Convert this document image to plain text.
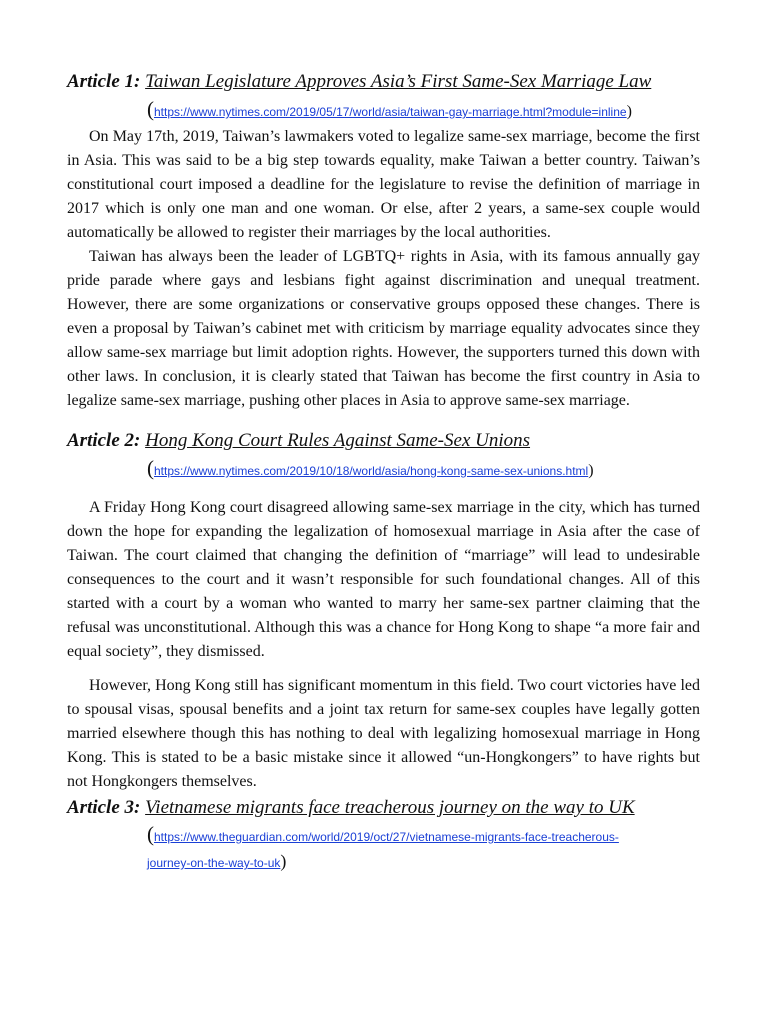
Article 1: Taiwan Legislature Approves Asia’s First Same-Sex Marriage Law

(https://www.nytimes.com/2019/05/17/world/asia/taiwan-gay-marriage.html?module=inline)

On May 17th, 2019, Taiwan’s lawmakers voted to legalize same-sex marriage, become the first in Asia. This was said to be a big step towards equality, make Taiwan a better country. Taiwan’s constitutional court imposed a deadline for the legislature to revise the definition of marriage in 2017 which is only one man and one woman. Or else, after 2 years, a same-sex couple would automatically be allowed to register their marriages by the local authorities.

Taiwan has always been the leader of LGBTQ+ rights in Asia, with its famous annually gay pride parade where gays and lesbians fight against discrimination and unequal treatment. However, there are some organizations or conservative groups opposed these changes. There is even a proposal by Taiwan’s cabinet met with criticism by marriage equality advocates since they allow same-sex marriage but limit adoption rights. However, the supporters turned this down with other laws. In conclusion, it is clearly stated that Taiwan has become the first country in Asia to legalize same-sex marriage, pushing other places in Asia to approve same-sex marriage.

Article 2: Hong Kong Court Rules Against Same-Sex Unions

(https://www.nytimes.com/2019/10/18/world/asia/hong-kong-same-sex-unions.html)

A Friday Hong Kong court disagreed allowing same-sex marriage in the city, which has turned down the hope for expanding the legalization of homosexual marriage in Asia after the case of Taiwan. The court claimed that changing the definition of “marriage” will lead to undesirable consequences to the court and it wasn’t responsible for such foundational changes. All of this started with a court by a woman who wanted to marry her same-sex partner claiming that the refusal was unconstitutional. Although this was a chance for Hong Kong to shape “a more fair and equal society”, they dismissed.

However, Hong Kong still has significant momentum in this field. Two court victories have led to spousal visas, spousal benefits and a joint tax return for same-sex couples have legally gotten married elsewhere though this has nothing to deal with legalizing homosexual marriage in Hong Kong. This is stated to be a basic mistake since it allowed “un-Hongkongers” to have rights but not Hongkongers themselves.

Article 3: Vietnamese migrants face treacherous journey on the way to UK

(https://www.theguardian.com/world/2019/oct/27/vietnamese-migrants-face-treacherous-
journey-on-the-way-to-uk)
